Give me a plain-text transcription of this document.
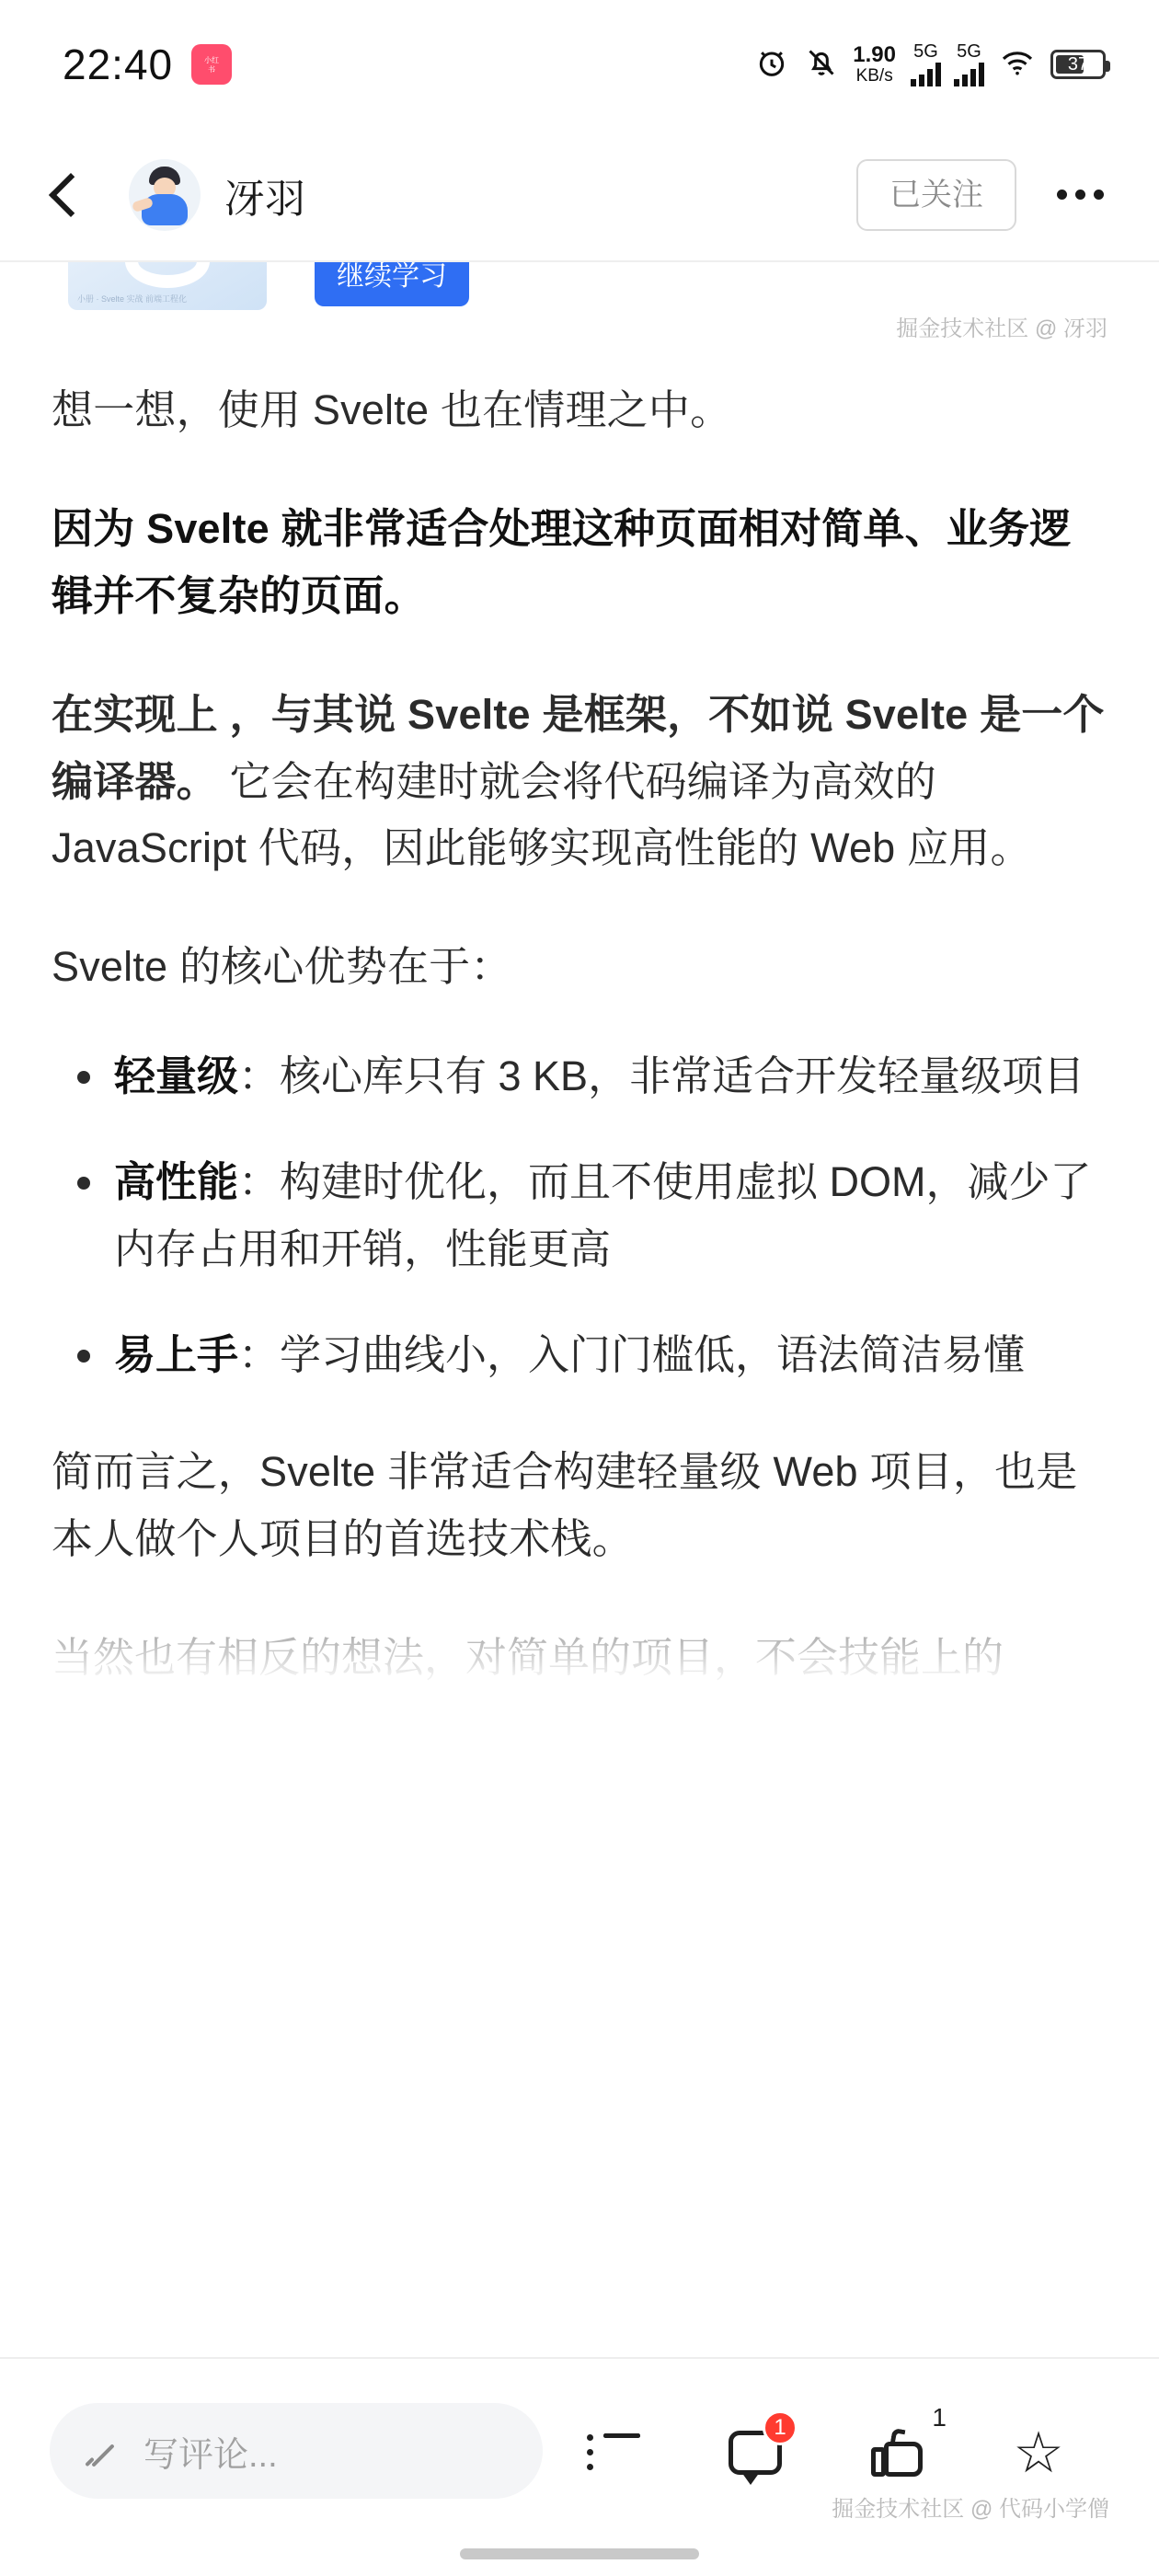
22:40	小红
书
1.90
KB/s
5G 5G
37
冴羽	已关注
小册 · Svelte 实战 前端工程化
继续学习
掘金技术社区 @ 冴羽

想一想，使用 Svelte 也在情理之中。

因为 Svelte 就非常适合处理这种页面相对简单、业务逻辑并不复杂的页面。

在实现上 ，与其说 Svelte 是框架，不如说 Svelte 是一个编译器。 它会在构建时就会将代码编译为高效的 JavaScript 代码，因此能够实现高性能的 Web 应用。

Svelte 的核心优势在于：

轻量级：核心库只有 3 KB，非常适合开发轻量级项目
高性能：构建时优化，而且不使用虚拟 DOM，减少了内存占用和开销，性能更高
易上手：学习曲线小，入门门槛低，语法简洁易懂

简而言之，Svelte 非常适合构建轻量级 Web 项目，也是本人做个人项目的首选技术栈。

写评论...
1	1
☆
掘金技术社区 @ 代码小学僧
